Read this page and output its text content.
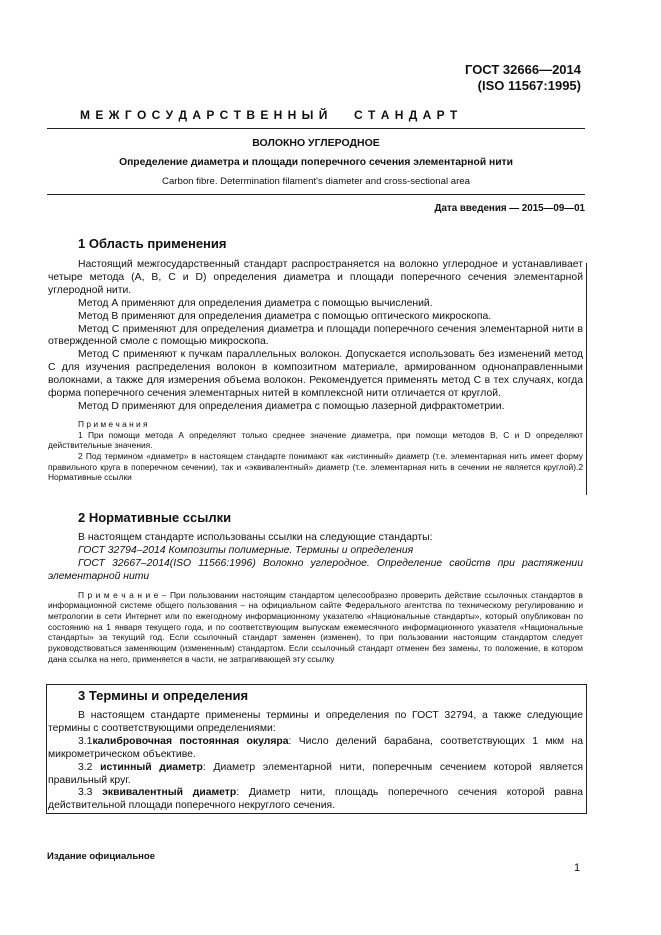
ГОСТ 32666—2014
(ISO 11567:1995)
М Е Ж Г О С У Д А Р С Т В Е Н Н Ы Й     С Т А Н Д А Р Т
ВОЛОКНО УГЛЕРОДНОЕ
Определение диаметра и площади поперечного сечения элементарной нити
Carbon fibre. Determination filament's diameter and cross-sectional area
Дата введения — 2015—09—01
1 Область применения
Настоящий межгосударственный стандарт распространяется на волокно углеродное и устанавливает четыре метода (А, В, С и D) определения диаметра и площади поперечного сечения элементарной углеродной нити.
Метод А применяют для определения диаметра с помощью вычислений.
Метод В применяют для определения диаметра с помощью оптического микроскопа.
Метод С применяют для определения диаметра и площади поперечного сечения элементарной нити в отвержденной смоле с помощью микроскопа.
Метод С применяют к пучкам параллельных волокон. Допускается использовать без изменений метод С для изучения распределения волокон в композитном материале, армированном однонаправленными волокнами, а также для измерения объема волокон. Рекомендуется применять метод С в тех случаях, когда форма поперечного сечения элементарных нитей в комплексной нити отличается от круглой.
Метод D применяют для определения диаметра с помощью лазерной дифрактометрии.
П р и м е ч а н и я
1 При помощи метода А определяют только среднее значение диаметра, при помощи методов В, С и D определяют действительные значения.
2 Под термином «диаметр» в настоящем стандарте понимают как «истинный» диаметр (т.е. элементарная нить имеет форму правильного круга в поперечном сечении), так и «эквивалентный» диаметр (т.е. элементарная нить в сечении не является круглой).2 Нормативные ссылки
2 Нормативные ссылки
В настоящем стандарте использованы ссылки на следующие стандарты:
ГОСТ 32794–2014 Композиты полимерные. Термины и определения
ГОСТ 32667–2014(ISO 11566:1996) Волокно углеродное. Определение свойств при растяжении элементарной нити
П р и м е ч а н и е – При пользовании настоящим стандартом целесообразно проверить действие ссылочных стандартов в информационной системе общего пользования – на официальном сайте Федерального агентства по техническому регулированию и метрологии в сети Интернет или по ежегодному информационному указателю «Национальные стандарты», который опубликован по состоянию на 1 января текущего года, и по соответствующим выпускам ежемесячного информационного указателя «Национальные стандарты» за текущий год. Если ссылочный стандарт заменен (изменен), то при пользовании настоящим стандартом следует руководствоваться заменяющим (измененным) стандартом. Если ссылочный стандарт отменен без замены, то положение, в котором дана ссылка на него, применяется в части, не затрагивающей эту ссылку
3 Термины и определения
В настоящем стандарте применены термины и определения по ГОСТ 32794, а также следующие термины с соответствующими определениями:
3.1калибровочная постоянная окуляра: Число делений барабана, соответствующих 1 мкм на микрометрическом объективе.
3.2 истинный диаметр: Диаметр элементарной нити, поперечным сечением которой является правильный круг.
3.3 эквивалентный диаметр: Диаметр нити, площадь поперечного сечения которой равна действительной площади поперечного некруглого сечения.
Издание официальное
1
